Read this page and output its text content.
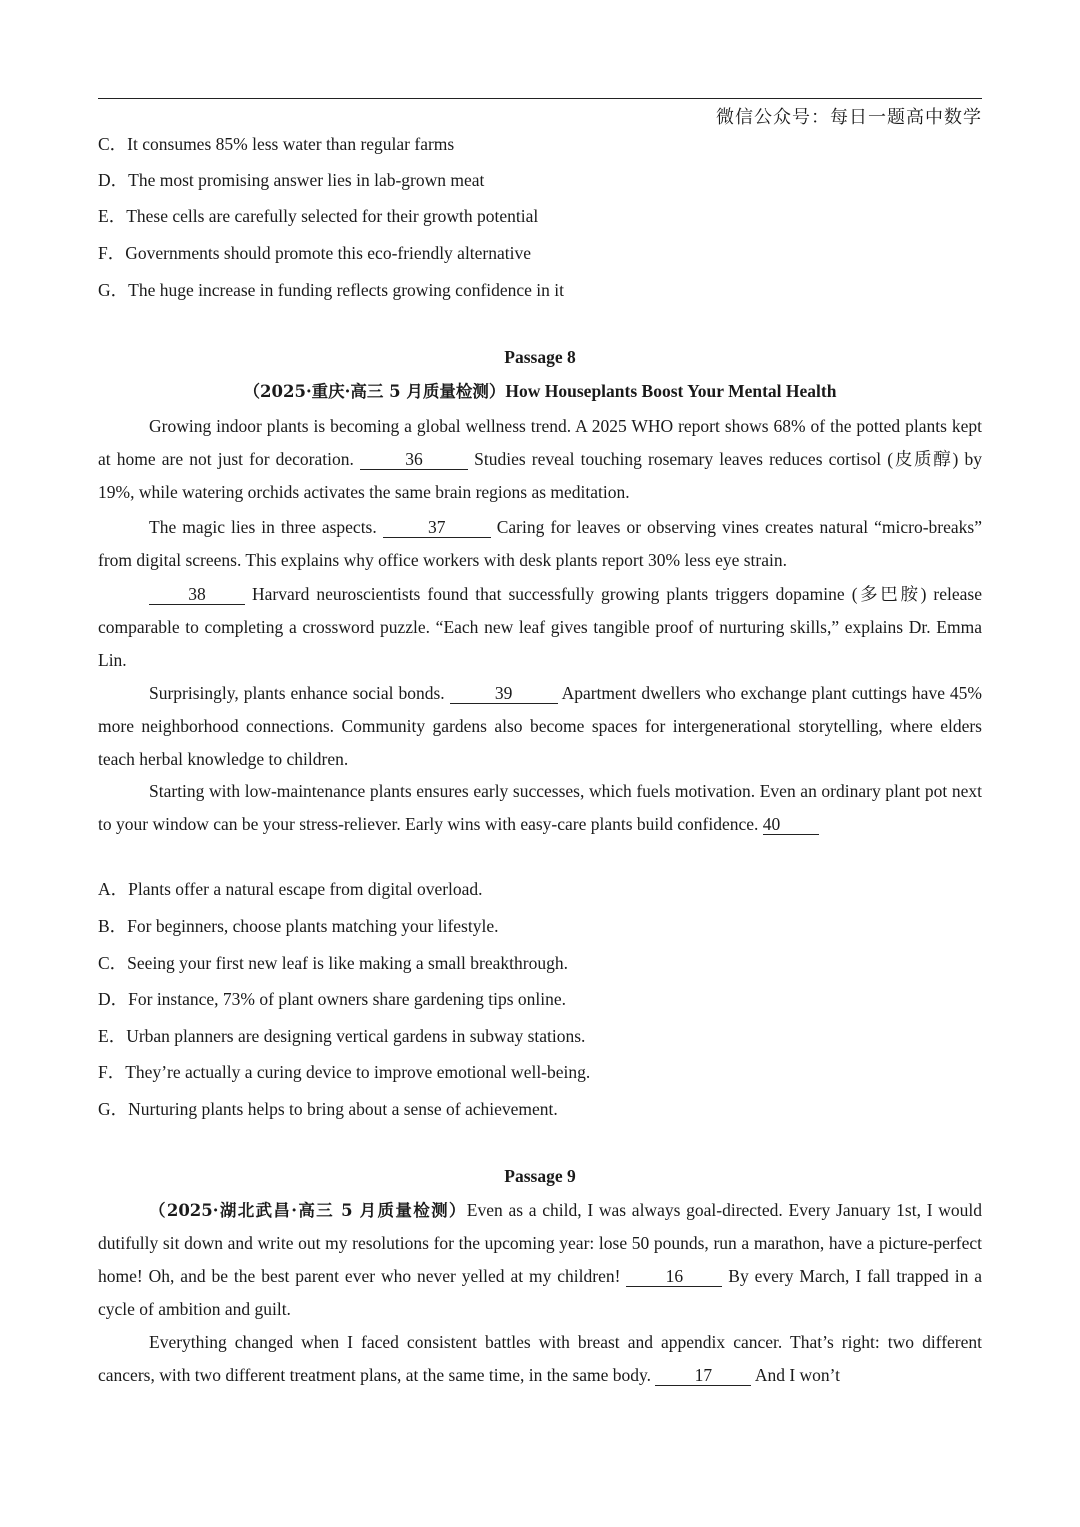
微信公众号：每日一题高中数学
C．It consumes 85% less water than regular farms
D．The most promising answer lies in lab-grown meat
E．These cells are carefully selected for their growth potential
F．Governments should promote this eco-friendly alternative
G．The huge increase in funding reflects growing confidence in it
Passage 8
（2025·重庆·高三 5 月质量检测）How Houseplants Boost Your Mental Health
Growing indoor plants is becoming a global wellness trend. A 2025 WHO report shows 68% of the potted plants kept at home are not just for decoration.	36	Studies reveal touching rosemary leaves reduces cortisol (皮质醇) by 19%, while watering orchids activates the same brain regions as meditation.
The magic lies in three aspects.	37	Caring for leaves or observing vines creates natural “micro-breaks” from digital screens. This explains why office workers with desk plants report 30% less eye strain.
38 Harvard neuroscientists found that successfully growing plants triggers dopamine (多巴胺) release comparable to completing a crossword puzzle. “Each new leaf gives tangible proof of nurturing skills,” explains Dr. Emma Lin.
Surprisingly, plants enhance social bonds.	39	Apartment dwellers who exchange plant cuttings have 45% more neighborhood connections. Community gardens also become spaces for intergenerational storytelling, where elders teach herbal knowledge to children.
Starting with low-maintenance plants ensures early successes, which fuels motivation. Even an ordinary plant pot next to your window can be your stress-reliever. Early wins with easy-care plants build confidence. 40
A．Plants offer a natural escape from digital overload.
B．For beginners, choose plants matching your lifestyle.
C．Seeing your first new leaf is like making a small breakthrough.
D．For instance, 73% of plant owners share gardening tips online.
E．Urban planners are designing vertical gardens in subway stations.
F．They’re actually a curing device to improve emotional well-being.
G．Nurturing plants helps to bring about a sense of achievement.
Passage 9
（2025·湖北武昌·高三 5 月质量检测）Even as a child, I was always goal-directed. Every January 1st, I would dutifully sit down and write out my resolutions for the upcoming year: lose 50 pounds, run a marathon, have a picture-perfect home! Oh, and be the best parent ever who never yelled at my children! 16 By every March, I fall trapped in a cycle of ambition and guilt.
Everything changed when I faced consistent battles with breast and appendix cancer. That’s right: two different cancers, with two different treatment plans, at the same time, in the same body. 17 And I won’t
